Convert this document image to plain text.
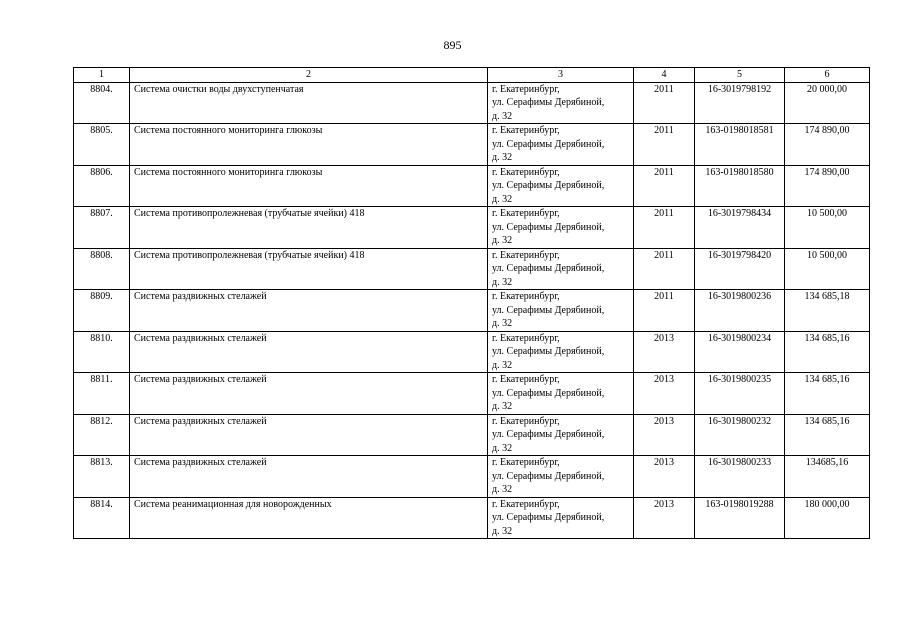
895
1	2	3	4	5	6
8804.	Система очистки воды двухступенчатая	г. Екатеринбург,
ул. Серафимы Дерябиной,
д. 32	2011	16-3019798192	20 000,00
8805.	Система постоянного мониторинга глюкозы	г. Екатеринбург,
ул. Серафимы Дерябиной,
д. 32	2011	163-0198018581	174 890,00
8806.	Система постоянного мониторинга глюкозы	г. Екатеринбург,
ул. Серафимы Дерябиной,
д. 32	2011	163-0198018580	174 890,00
8807.	Система противопролежневая (трубчатые ячейки) 418	г. Екатеринбург,
ул. Серафимы Дерябиной,
д. 32	2011	16-3019798434	10 500,00
8808.	Система противопролежневая (трубчатые ячейки) 418	г. Екатеринбург,
ул. Серафимы Дерябиной,
д. 32	2011	16-3019798420	10 500,00
8809.	Система раздвижных стелажей	г. Екатеринбург,
ул. Серафимы Дерябиной,
д. 32	2011	16-3019800236	134 685,18
8810.	Система раздвижных стелажей	г. Екатеринбург,
ул. Серафимы Дерябиной,
д. 32	2013	16-3019800234	134 685,16
8811.	Система раздвижных стелажей	г. Екатеринбург,
ул. Серафимы Дерябиной,
д. 32	2013	16-3019800235	134 685,16
8812.	Система раздвижных стелажей	г. Екатеринбург,
ул. Серафимы Дерябиной,
д. 32	2013	16-3019800232	134 685,16
8813.	Система раздвижных стелажей	г. Екатеринбург,
ул. Серафимы Дерябиной,
д. 32	2013	16-3019800233	134685,16
8814.	Система реанимационная для новорожденных	г. Екатеринбург,
ул. Серафимы Дерябиной,
д. 32	2013	163-0198019288	180 000,00
